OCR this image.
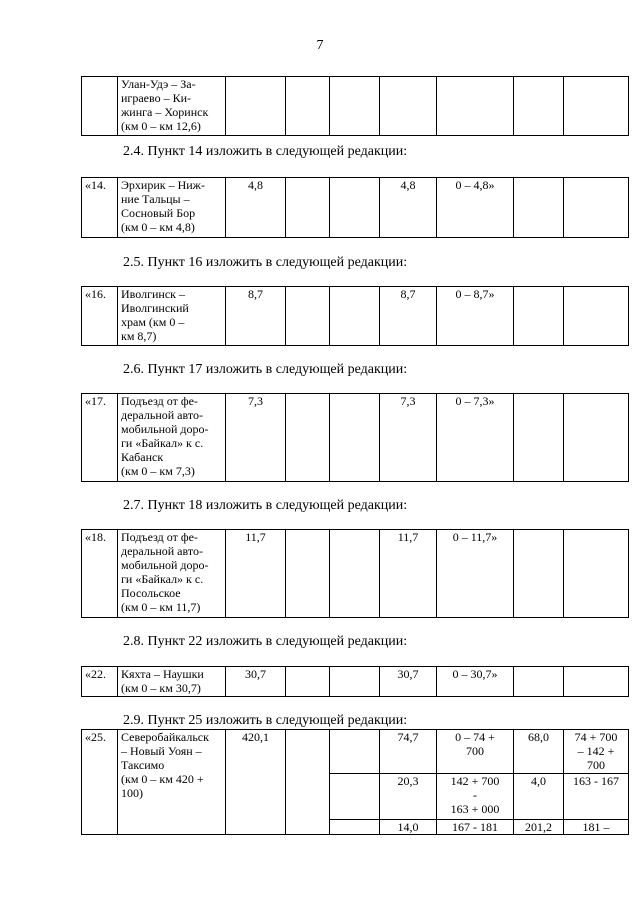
7

Улан-Удэ – За-
играево – Ки-
жинга – Хоринск
(км 0 – км 12,6)

2.4. Пункт 14 изложить в следующей редакции:
«14.	Эрхирик – Ниж-
ние Тальцы –
Сосновый Бор
(км 0 – км 4,8)
	4,8			4,8	0 – 4,8»		
2.5. Пункт 16 изложить в следующей редакции:
«16.	Иволгинск –
Иволгинский
храм (км 0 –
км 8,7)
	8,7			8,7	0 – 8,7»		
2.6. Пункт 17 изложить в следующей редакции:
«17.	Подъезд от фе-
деральной авто-
мобильной доро-
ги «Байкал» к с.
Кабанск
(км 0 – км 7,3)
	7,3			7,3	0 – 7,3»		
2.7. Пункт 18 изложить в следующей редакции:
«18.	Подъезд от фе-
деральной авто-
мобильной доро-
ги «Байкал» к с.
Посольское
(км 0 – км 11,7)
	11,7			11,7	0 – 11,7»		
2.8. Пункт 22 изложить в следующей редакции:
«22.	Кяхта – Наушки
(км 0 – км 30,7)
	30,7			30,7	0 – 30,7»		
2.9. Пункт 25 изложить в следующей редакции:
«25.	Северобайкальск
– Новый Уоян –
Таксимо
(км 0 – км 420 +
100)	420,1			74,7	0 – 74 +
700	68,0	74 + 700
– 142 +
700

					20,3	142 + 700
-
163 + 000	4,0	163 - 167

					14,0	167 - 181	201,2	181 –
